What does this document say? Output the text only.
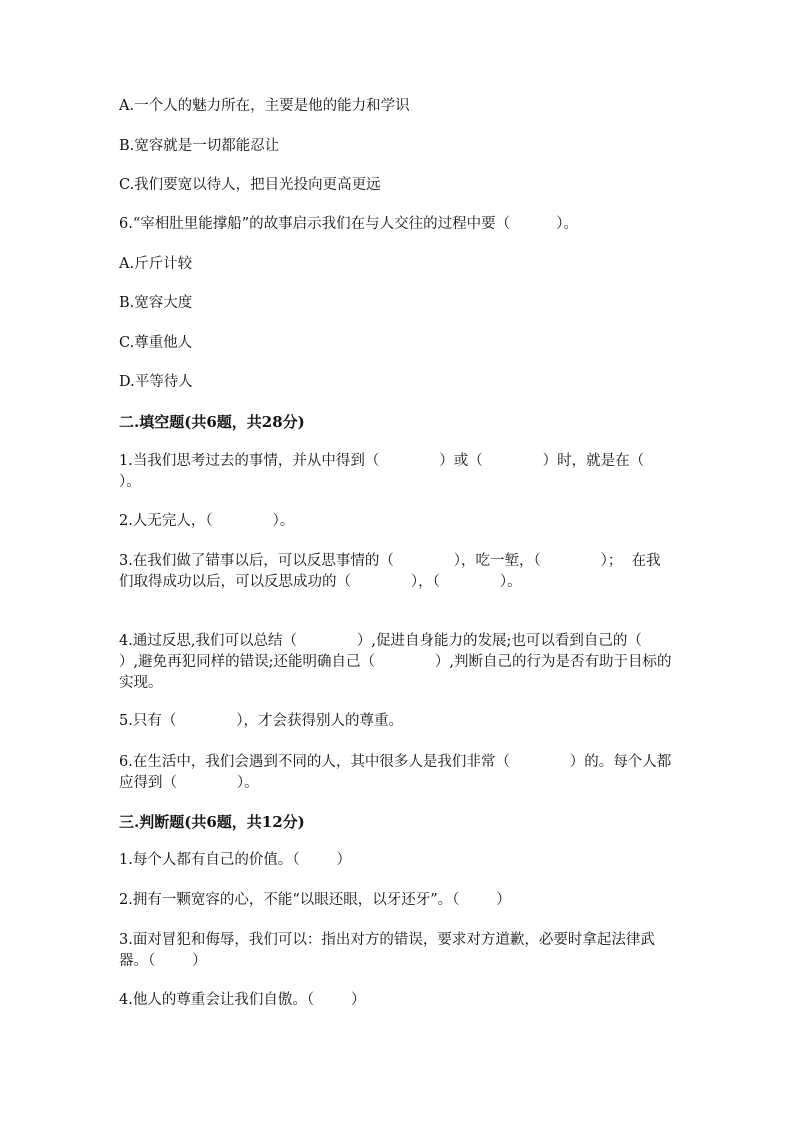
A.一个人的魅力所在，主要是他的能力和学识
B.宽容就是一切都能忍让
C.我们要宽以待人，把目光投向更高更远
6.“宰相肚里能撑船”的故事启示我们在与人交往的过程中要（          ）。
A.斤斤计较
B.宽容大度
C.尊重他人
D.平等待人
二.填空题(共6题，共28分)
1.当我们思考过去的事情，并从中得到（             ）或（             ）时，就是在（             ）。
2.人无完人，（             ）。
3.在我们做了错事以后，可以反思事情的（             ），吃一堑，（             ）；  在我们取得成功以后，可以反思成功的（             ），（             ）。
4.通过反思,我们可以总结（             ）,促进自身能力的发展;也可以看到自己的（             ）,避免再犯同样的错误;还能明确自己（             ）,判断自己的行为是否有助于目标的实现。
5.只有（             ），才会获得别人的尊重。
6.在生活中，我们会遇到不同的人，其中很多人是我们非常（             ）的。每个人都应得到（             ）。
三.判断题(共6题，共12分)
1.每个人都有自己的价值。（        ）
2.拥有一颗宽容的心，不能“以眼还眼，以牙还牙”。（        ）
3.面对冒犯和侮辱，我们可以：指出对方的错误，要求对方道歉，必要时拿起法律武器。（        ）
4.他人的尊重会让我们自傲。（        ）
